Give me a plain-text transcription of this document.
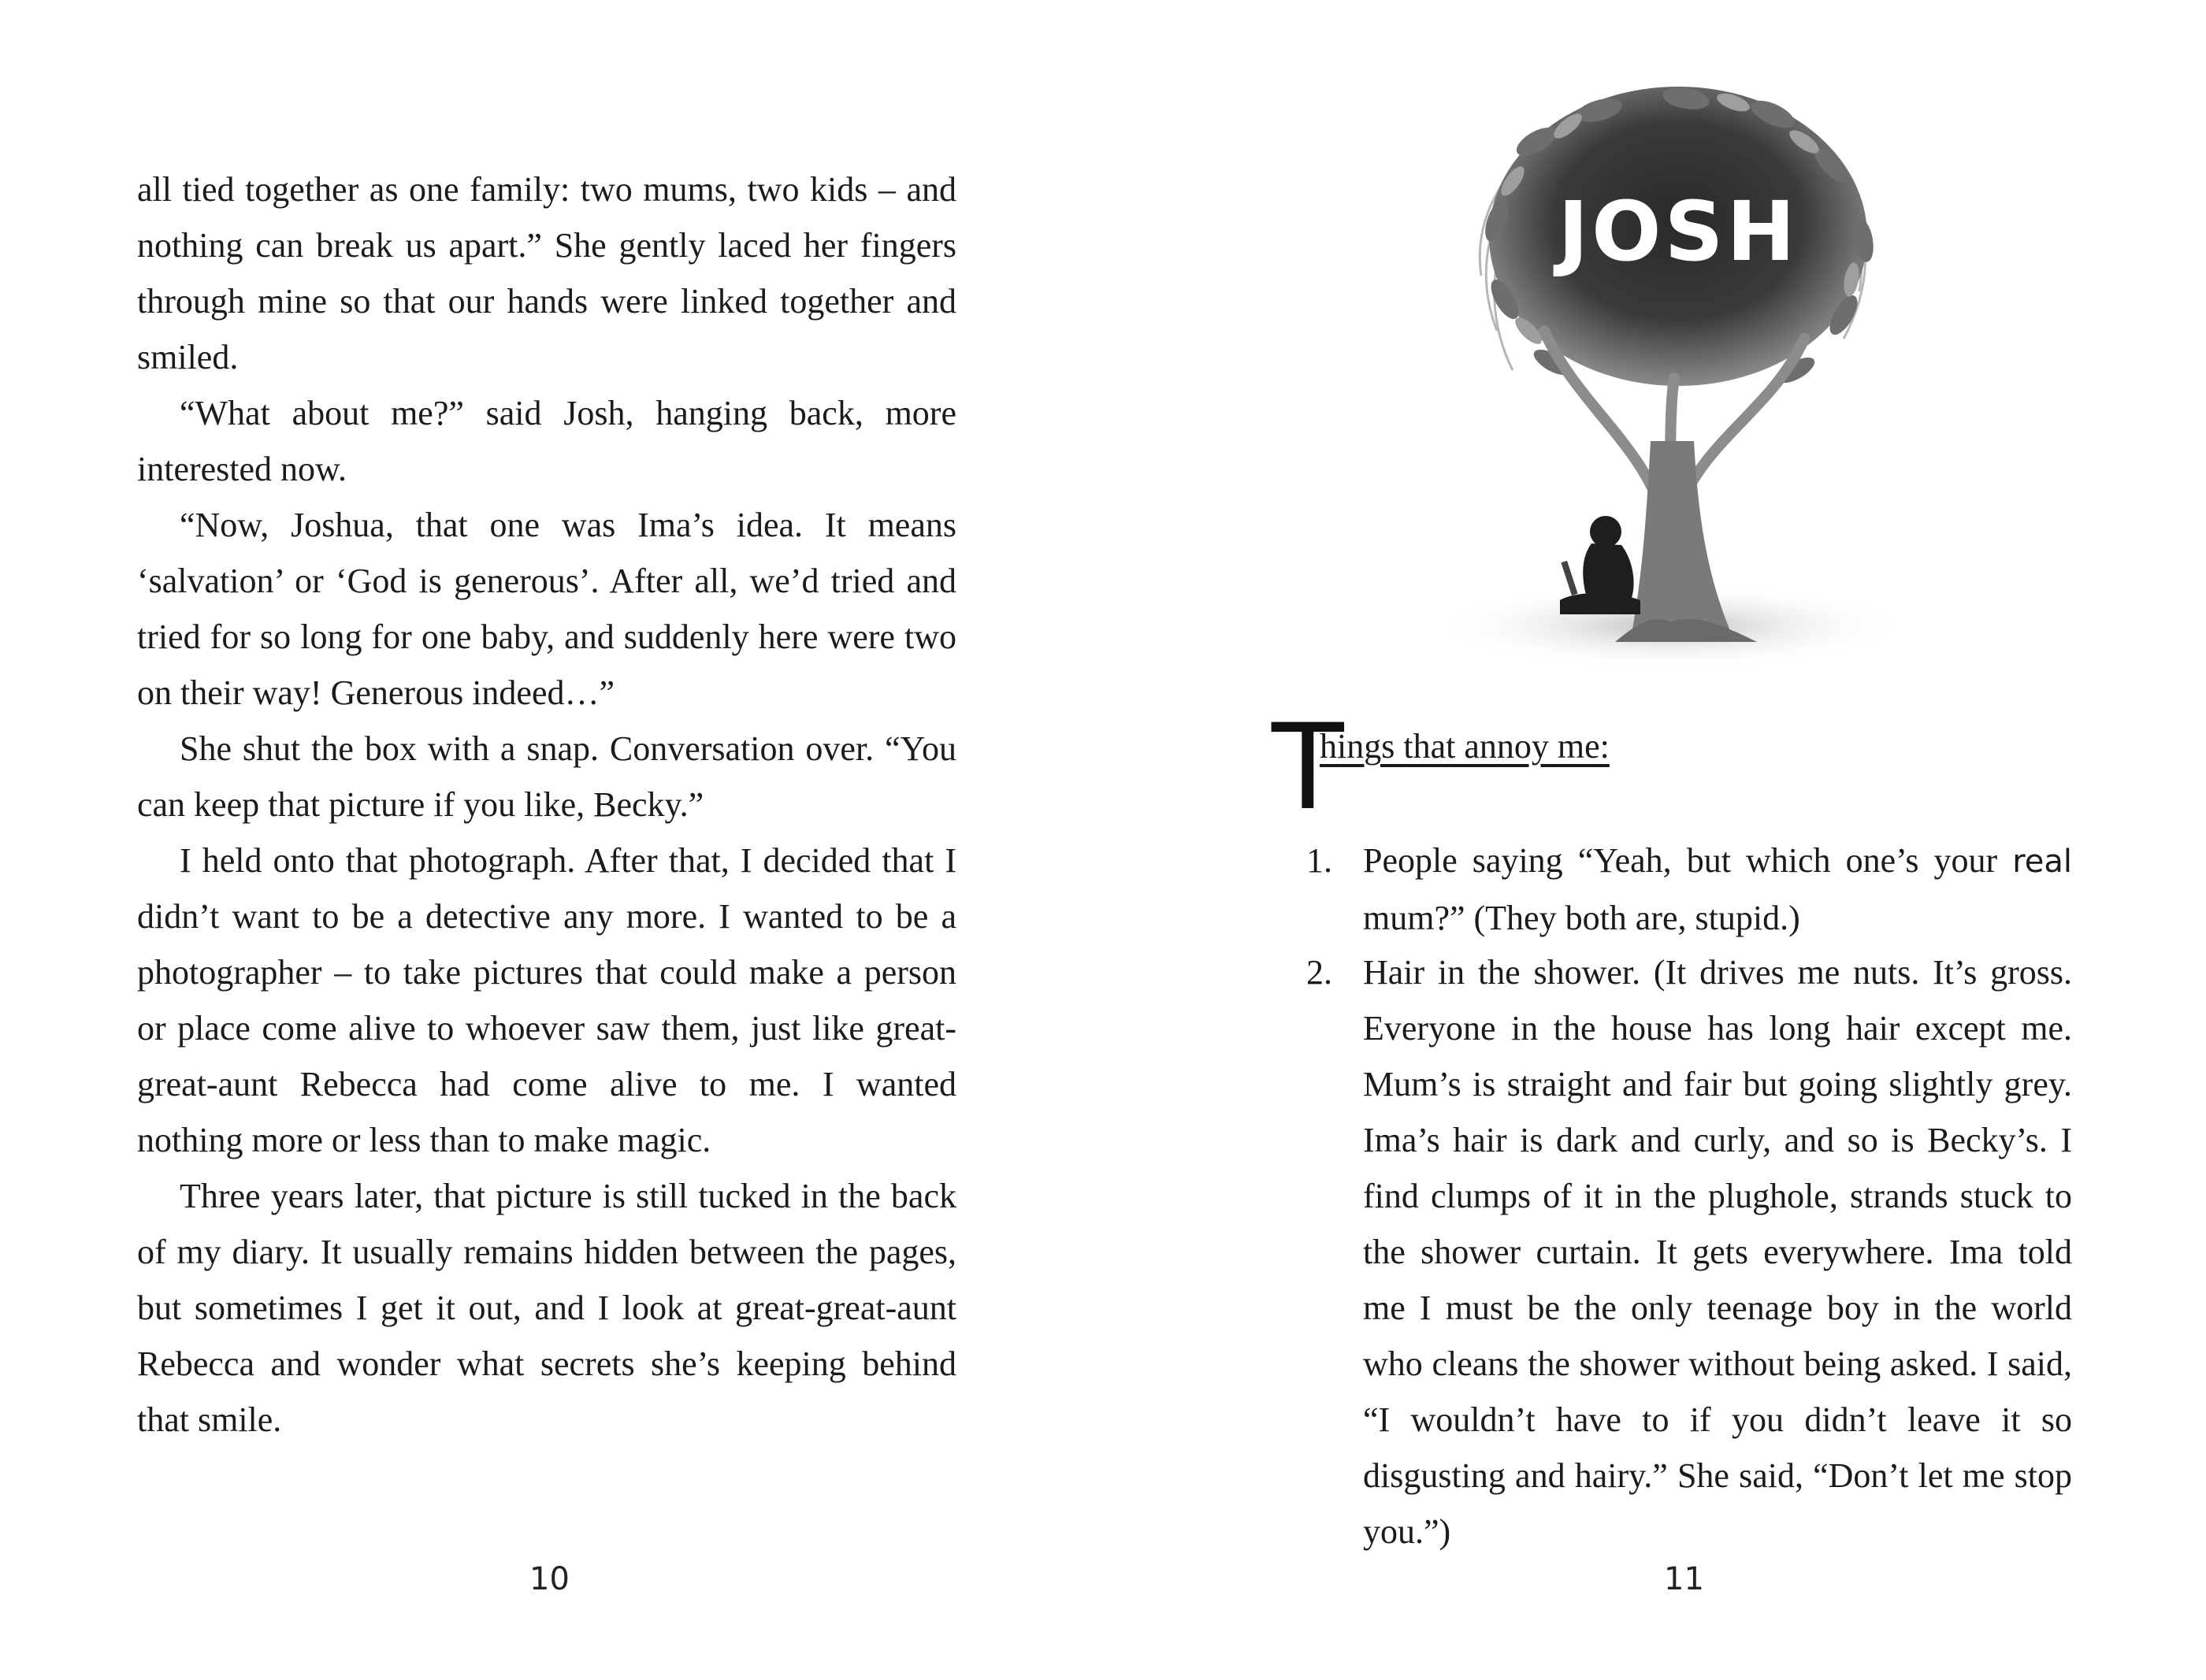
all tied together as one family: two mums, two kids – and nothing can break us apart.” She gently laced her fingers through mine so that our hands were linked together and smiled.

“What about me?” said Josh, hanging back, more interested now.

“Now, Joshua, that one was Ima’s idea. It means ‘salvation’ or ‘God is generous’. After all, we’d tried and tried for so long for one baby, and suddenly here were two on their way! Generous indeed…”

She shut the box with a snap. Conversation over. “You can keep that picture if you like, Becky.”

I held onto that photograph. After that, I decided that I didn’t want to be a detective any more. I wanted to be a photographer – to take pictures that could make a person or place come alive to whoever saw them, just like great-great-aunt Rebecca had come alive to me. I wanted nothing more or less than to make magic.

Three years later, that picture is still tucked in the back of my diary. It usually remains hidden between the pages, but sometimes I get it out, and I look at great-great-aunt Rebecca and wonder what secrets she’s keeping behind that smile.

10
JOSH
T

hings that annoy me:

1. People saying “Yeah, but which one’s your real mum?” (They both are, stupid.)

2. Hair in the shower. (It drives me nuts. It’s gross. Everyone in the house has long hair except me. Mum’s is straight and fair but going slightly grey. Ima’s hair is dark and curly, and so is Becky’s. I find clumps of it in the plughole, strands stuck to the shower curtain. It gets everywhere. Ima told me I must be the only teenage boy in the world who cleans the shower without being asked. I said, “I wouldn’t have to if you didn’t leave it so disgusting and hairy.” She said, “Don’t let me stop you.”)

11
